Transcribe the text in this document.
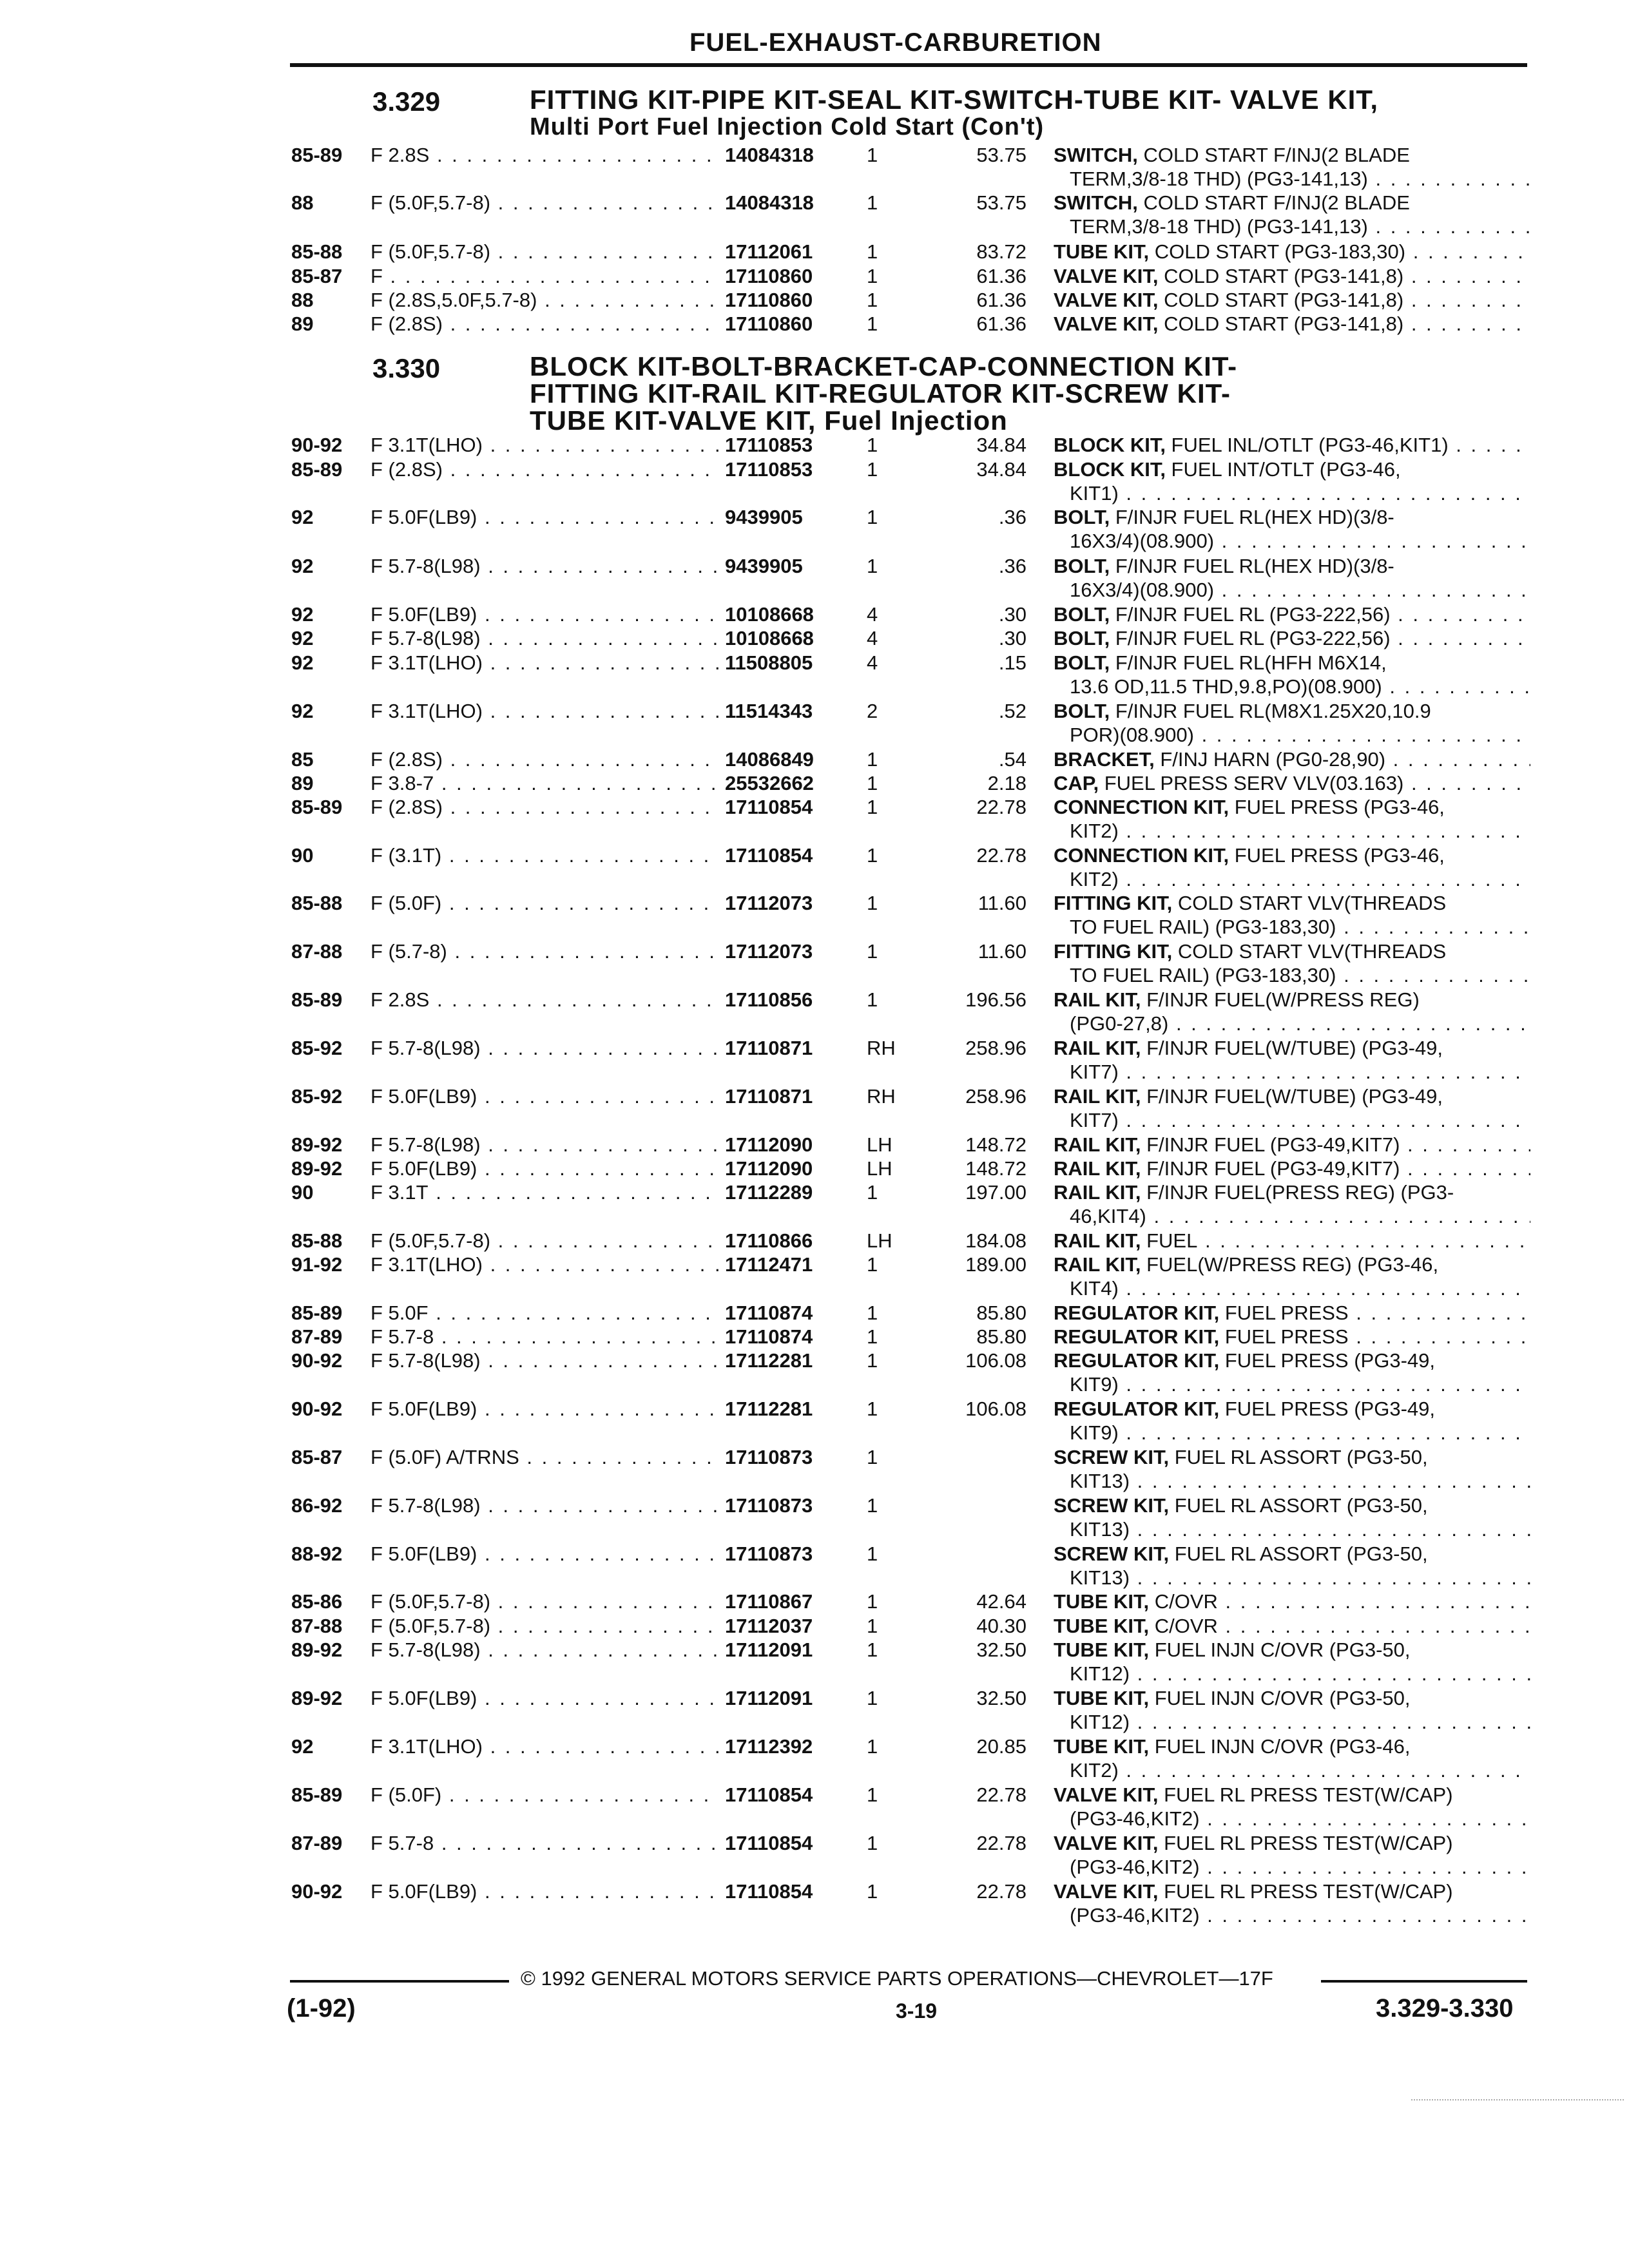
FUEL-EXHAUST-CARBURETION
3.329	FITTING KIT-PIPE KIT-SEAL KIT-SWITCH-TUBE KIT- VALVE KIT,
Multi Port Fuel Injection Cold Start (Con't)
3.330	BLOCK KIT-BOLT-BRACKET-CAP-CONNECTION KIT-
FITTING KIT-RAIL KIT-REGULATOR KIT-SCREW KIT-
TUBE KIT-VALVE KIT, Fuel Injection
85-89 F 2.8S . . .	14084318	1	53.75 SWITCH, COLD START F/INJ(2 BLADE
TERM,3/8-18 THD) (PG3-141,13) . . .
88	F (5.0F,5.7-8) . . .	14084318	1	53.75 SWITCH, COLD START F/INJ(2 BLADE
TERM,3/8-18 THD) (PG3-141,13) . . .
85-88 F (5.0F,5.7-8) . . .	17112061	1	83.72 TUBE KIT, COLD START (PG3-183,30) . . .
85-87 F . . .	17110860	1	61.36 VALVE KIT, COLD START (PG3-141,8) . . .
88	F (2.8S,5.0F,5.7-8) . . .	17110860	1	61.36 VALVE KIT, COLD START (PG3-141,8) . . .
89	F (2.8S) . . .	17110860	1	61.36 VALVE KIT, COLD START (PG3-141,8) . . .
90-92 F 3.1T(LHO) . . .	17110853	1	34.84 BLOCK KIT, FUEL INL/OTLT (PG3-46,KIT1) . . .
85-89 F (2.8S) . . .	17110853	1	34.84 BLOCK KIT, FUEL INT/OTLT (PG3-46,
KIT1) . . .
92	F 5.0F(LB9) . . .	9439905	1	.36 BOLT, F/INJR FUEL RL(HEX HD)(3/8-
16X3/4)(08.900) . . .
92	F 5.7-8(L98) . . .	9439905	1	.36 BOLT, F/INJR FUEL RL(HEX HD)(3/8-
16X3/4)(08.900) . . .
92	F 5.0F(LB9) . . .	10108668	4	.30 BOLT, F/INJR FUEL RL (PG3-222,56) . . .
92	F 5.7-8(L98) . . .	10108668	4	.30 BOLT, F/INJR FUEL RL (PG3-222,56) . . .
92	F 3.1T(LHO) . . .	11508805	4	.15 BOLT, F/INJR FUEL RL(HFH M6X14,
13.6 OD,11.5 THD,9.8,PO)(08.900) . . .
92	F 3.1T(LHO) . . .	11514343	2	.52 BOLT, F/INJR FUEL RL(M8X1.25X20,10.9
POR)(08.900) . . .
85	F (2.8S) . . .	14086849	1	.54 BRACKET, F/INJ HARN (PG0-28,90) . . .
89	F 3.8-7 . . .	25532662	1	2.18 CAP, FUEL PRESS SERV VLV(03.163) . . .
85-89 F (2.8S) . . .	17110854	1	22.78 CONNECTION KIT, FUEL PRESS (PG3-46,
KIT2) . . .
90	F (3.1T) . . .	17110854	1	22.78 CONNECTION KIT, FUEL PRESS (PG3-46,
KIT2) . . .
85-88 F (5.0F) . . .	17112073	1	11.60 FITTING KIT, COLD START VLV(THREADS
TO FUEL RAIL) (PG3-183,30) . . .
87-88 F (5.7-8) . . .	17112073	1	11.60 FITTING KIT, COLD START VLV(THREADS
TO FUEL RAIL) (PG3-183,30) . . .
85-89 F 2.8S . . .	17110856	1	196.56 RAIL KIT, F/INJR FUEL(W/PRESS REG)
(PG0-27,8) . . .
85-92 F 5.7-8(L98) . . .	17110871	RH	258.96 RAIL KIT, F/INJR FUEL(W/TUBE) (PG3-49,
KIT7) . . .
85-92 F 5.0F(LB9) . . .	17110871	RH	258.96 RAIL KIT, F/INJR FUEL(W/TUBE) (PG3-49,
KIT7) . . .
89-92 F 5.7-8(L98) . . .	17112090	LH	148.72 RAIL KIT, F/INJR FUEL (PG3-49,KIT7) . . .
89-92 F 5.0F(LB9) . . .	17112090	LH	148.72 RAIL KIT, F/INJR FUEL (PG3-49,KIT7) . . .
90	F 3.1T . . .	17112289	1	197.00 RAIL KIT, F/INJR FUEL(PRESS REG) (PG3-
46,KIT4) . . .
85-88 F (5.0F,5.7-8) . . .	17110866	LH	184.08 RAIL KIT, FUEL . . .
91-92 F 3.1T(LHO) . . .	17112471	1	189.00 RAIL KIT, FUEL(W/PRESS REG) (PG3-46,
KIT4) . . .
85-89 F 5.0F . . .	17110874	1	85.80 REGULATOR KIT, FUEL PRESS . . .
87-89 F 5.7-8 . . .	17110874	1	85.80 REGULATOR KIT, FUEL PRESS . . .
90-92 F 5.7-8(L98) . . .	17112281	1	106.08 REGULATOR KIT, FUEL PRESS (PG3-49,
KIT9) . . .
90-92 F 5.0F(LB9) . . .	17112281	1	106.08 REGULATOR KIT, FUEL PRESS (PG3-49,
KIT9) . . .
85-87 F (5.0F) A/TRNS . . .	17110873	1	SCREW KIT, FUEL RL ASSORT (PG3-50,
KIT13) . . .
86-92 F 5.7-8(L98) . . .	17110873	1	SCREW KIT, FUEL RL ASSORT (PG3-50,
KIT13) . . .
88-92 F 5.0F(LB9) . . .	17110873	1	SCREW KIT, FUEL RL ASSORT (PG3-50,
KIT13) . . .
85-86 F (5.0F,5.7-8) . . .	17110867	1	42.64 TUBE KIT, C/OVR . . .
87-88 F (5.0F,5.7-8) . . .	17112037	1	40.30 TUBE KIT, C/OVR . . .
89-92 F 5.7-8(L98) . . .	17112091	1	32.50 TUBE KIT, FUEL INJN C/OVR (PG3-50,
KIT12) . . .
89-92 F 5.0F(LB9) . . .	17112091	1	32.50 TUBE KIT, FUEL INJN C/OVR (PG3-50,
KIT12) . . .
92	F 3.1T(LHO) . . .	17112392	1	20.85 TUBE KIT, FUEL INJN C/OVR (PG3-46,
KIT2) . . .
85-89 F (5.0F) . . .	17110854	1	22.78 VALVE KIT, FUEL RL PRESS TEST(W/CAP)
(PG3-46,KIT2) . . .
87-89 F 5.7-8 . . .	17110854	1	22.78 VALVE KIT, FUEL RL PRESS TEST(W/CAP)
(PG3-46,KIT2) . . .
90-92 F 5.0F(LB9) . . .	17110854	1	22.78 VALVE KIT, FUEL RL PRESS TEST(W/CAP)
(PG3-46,KIT2) . . .
© 1992 GENERAL MOTORS SERVICE PARTS OPERATIONS—CHEVROLET—17F
(1-92)	3-19	3.329-3.330
